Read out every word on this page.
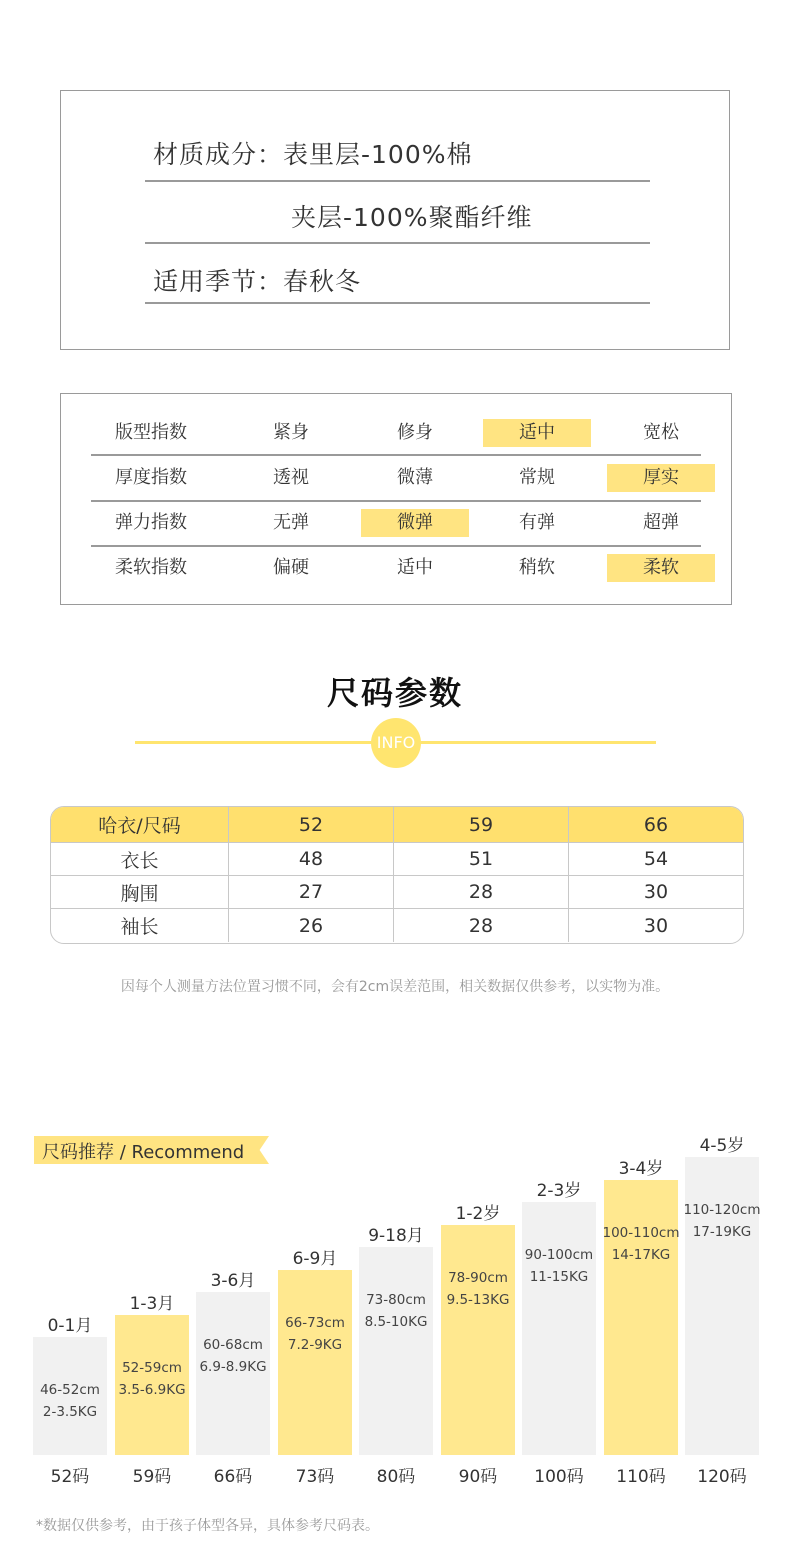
材质成分：表里层-100%棉
夹层-100%聚酯纤维
适用季节：春秋冬
版型指数	紧身	修身	适中	宽松
厚度指数	透视	微薄	常规	厚实
弹力指数	无弹	微弹	有弹	超弹
柔软指数	偏硬	适中	稍软	柔软
尺码参数
INFO
哈衣/尺码	52	59	66
衣长	48	51	54
胸围	27	28	30
袖长	26	28	30
因每个人测量方法位置习惯不同，会有2cm误差范围，相关数据仅供参考，以实物为准。
尺码推荐 / Recommend
0-1月
46-52cm
2-3.5KG
52码
1-3月
52-59cm
3.5-6.9KG
59码
3-6月
60-68cm
6.9-8.9KG
66码
6-9月
66-73cm
7.2-9KG
73码
9-18月
73-80cm
8.5-10KG
80码
1-2岁
78-90cm
9.5-13KG
90码
2-3岁
90-100cm
11-15KG
100码
3-4岁
100-110cm
14-17KG
110码
4-5岁
110-120cm
17-19KG
120码
*数据仅供参考，由于孩子体型各异，具体参考尺码表。
